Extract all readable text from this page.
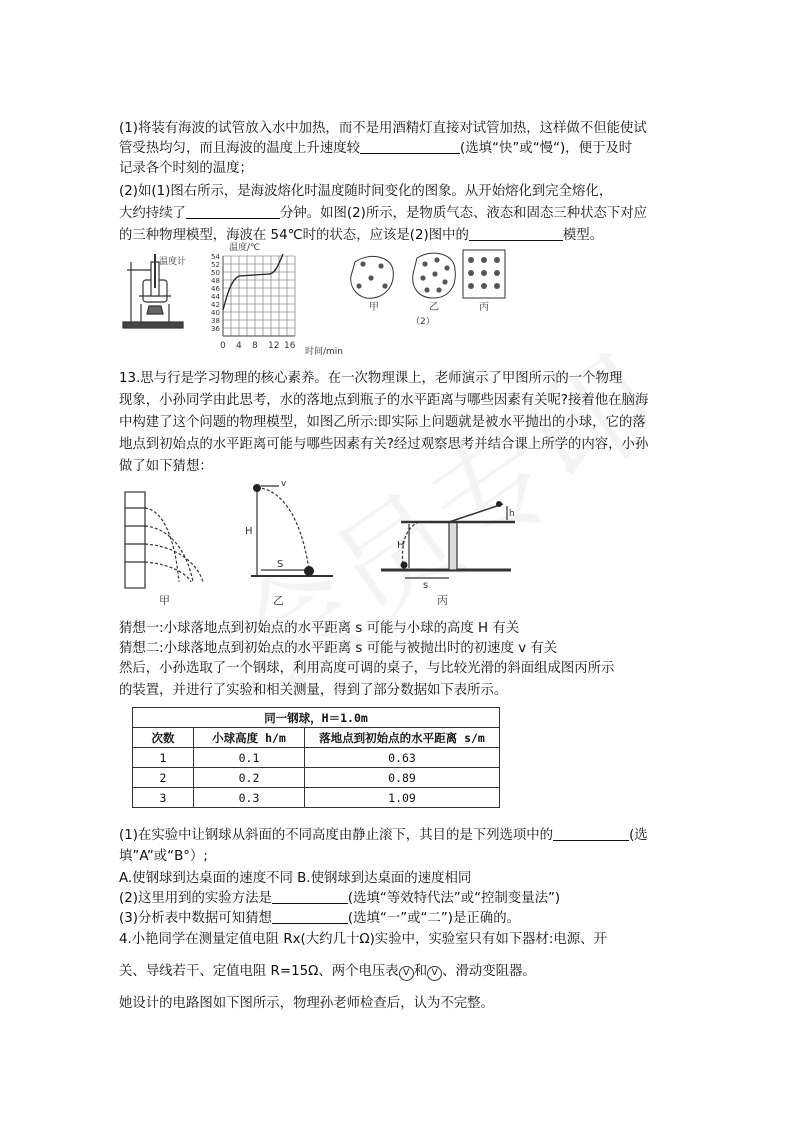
(1)将装有海波的试管放入水中加热，而不是用酒精灯直接对试管加热，这样做不但能使试
管受热均匀，而且海波的温度上升速度较	(选填“快”或“慢“)，便于及时
记录各个时刻的温度；
(2)如(1)图右所示，是海波熔化时温度随时间变化的图象。从开始熔化到完全熔化，
大约持续了	分钟。如图(2)所示，是物质气态、液态和固态三种状态下对应
的三种物理模型，海波在 54℃时的状态，应该是(2)图中的	模型。
温度计
温度/℃
54
52
50
48
46
44
42
40
38
36
0 4 8 12 16
时间/min
甲	乙	丙
（2）
13.思与行是学习物理的核心素养。在一次物理课上，老师演示了甲图所示的一个物理
现象，小孙同学由此思考，水的落地点到瓶子的水平距离与哪些因素有关呢?接着他在脑海
中构建了这个问题的物理模型，如图乙所示:即实际上问题就是被水平抛出的小球，它的落
地点到初始点的水平距离可能与哪些因素有关?经过观察思考并结合课上所学的内容，小孙
做了如下猜想：
甲
H
S
v
乙
H
s
h
丙
猜想一:小球落地点到初始点的水平距离 s 可能与小球的高度 H 有关
猜想二:小球落地点到初始点的水平距离 s 可能与被抛出时的初速度 v 有关
然后，小孙选取了一个钢球，利用高度可调的桌子，与比较光滑的斜面组成图丙所示
的装置，并进行了实验和相关测量，得到了部分数据如下表所示。
同一钢球，H＝1.0m		
次数	小球高度 h/m	落地点到初始点的水平距离 s/m
1	0.1	0.63
2	0.2	0.89
3	0.3	1.09
(1)在实验中让钢球从斜面的不同高度由静止滚下，其目的是下列选项中的	(选
填”A”或“B°）;
A.使钢球到达桌面的速度不同 B.使钢球到达桌面的速度相同
(2)这里用到的实验方法是	(选填“等效特代法”或“控制变量法”)
(3)分析表中数据可知猜想	(选填“一”或“二”)是正确的。
4.小艳同学在测量定值电阻 Rx(大约几十Ω)实验中，实验室只有如下器材:电源、开
关、导线若干、定值电阻 R=15Ω、两个电压表 V 和 V 、滑动变阻器。
她设计的电路图如下图所示，物理孙老师检查后，认为不完整。
